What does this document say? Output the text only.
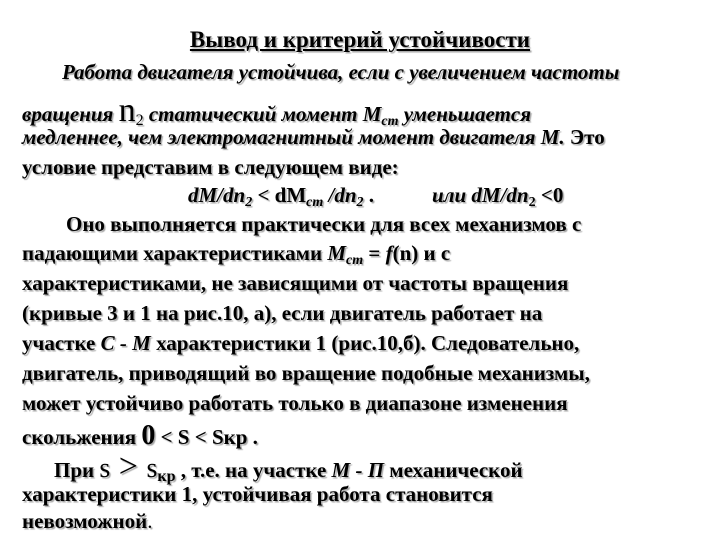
Вывод и критерий устойчивости
Работа двигателя устойчива, если с увеличением частоты
вращения n2 статический момент $М_{ст}$ уменьшается
медленнее, чем электромагнитный момент двигателя М. Это
условие представим в следующем виде:
$dM/dn_2 < dM_{ст}$ $/dn_2$ .	или $dM/dn_2 <0$
Оно выполняется практически для всех механизмов с
падающими характеристиками $М_{ст} = f(n)$ и с
характеристиками, не зависящими от частоты вращения
(кривые 3 и 1 на рис.10, а), если двигатель работает на
участке С - М характеристики 1 (рис.10,б). Следовательно,
двигатель, приводящий во вращение подобные механизмы,
может устойчиво работать только в диапазоне изменения
скольжения 0 < S < Sкр .
При s > sкр , т.е. на участке М - П механической
характеристики 1, устойчивая работа становится
невозможной.
